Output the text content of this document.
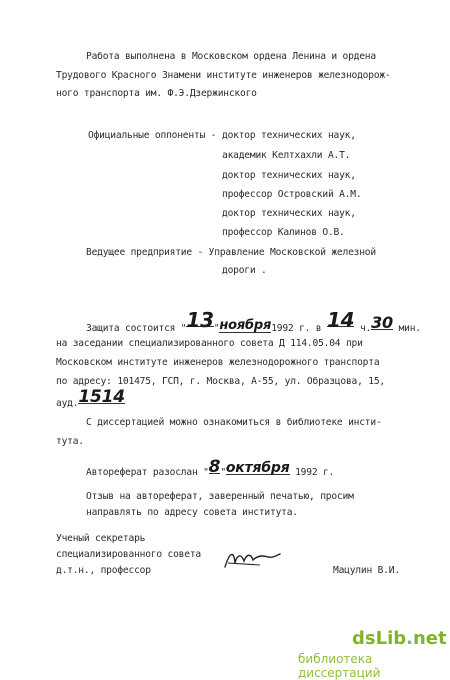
Работа выполнена в Московском ордена Ленина и ордена
Трудового Красного Знамени институте инженеров железнодорож-
ного транспорта им. Ф.Э.Дзержинского
Официальные оппоненты - доктор технических наук,
академик Келтхахли А.Т.
доктор технических наук,
профессор Островский А.М.
доктор технических наук,
профессор Калинов О.В.
Ведущее предприятие - Управление Московской железной
дороги .
Защита состоится "13"ноября1992 г. в 14 ч.30 мин.
на заседании специализированного совета Д 114.05.04 при
Московском институте инженеров железнодорожного транспорта
по адресу: 101475, ГСП, г. Москва, А-55, ул. Образцова, 15,
ауд.1514
С диссертацией можно ознакомиться в библиотеке инсти-
тута.
Автореферат разослан "8"октября 1992 г.
Отзыв на автореферат, заверенный печатью, просим
направлять по адресу совета института.
Ученый секретарь
специализированного совета
д.т.н., профессор	Мацулин В.И.
dsLib.net
библиотека диссертаций
